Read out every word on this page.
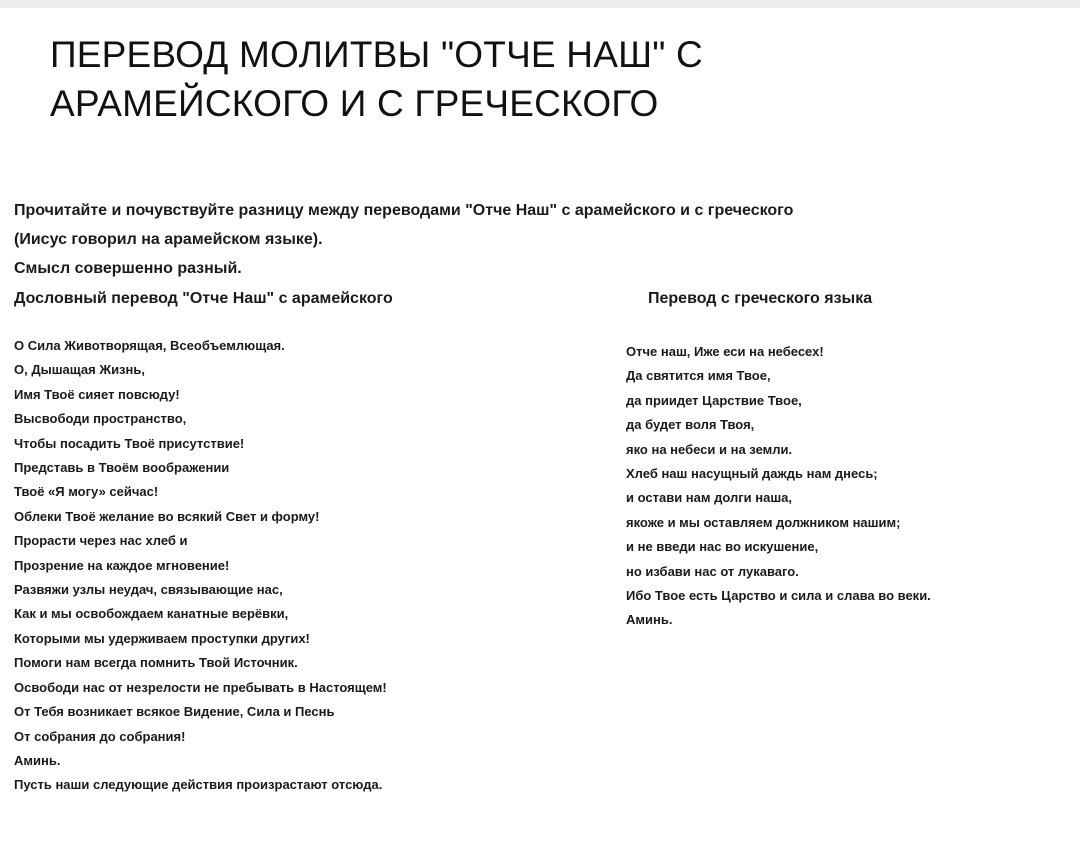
ПЕРЕВОД МОЛИТВЫ "ОТЧЕ НАШ" С
АРАМЕЙСКОГО И С ГРЕЧЕСКОГО
Прочитайте и почувствуйте разницу между переводами "Отче Наш" с арамейского и с греческого
(Иисус говорил на арамейском языке).
Смысл совершенно разный.
Дословный перевод "Отче Наш" с арамейского	Перевод с греческого языка
О Сила Животворящая, Всеобъемлющая.
О, Дышащая Жизнь,
Имя Твоё сияет повсюду!
Высвободи пространство,
Чтобы посадить Твоё присутствие!
Представь в Твоём воображении
Твоё «Я могу» сейчас!
Облеки Твоё желание во всякий Свет и форму!
Прорасти через нас хлеб и
Прозрение на каждое мгновение!
Развяжи узлы неудач, связывающие нас,
Как и мы освобождаем канатные верёвки,
Которыми мы удерживаем проступки других!
Помоги нам всегда помнить Твой Источник.
Освободи нас от незрелости не пребывать в Настоящем!
От Тебя возникает всякое Видение, Сила и Песнь
От собрания до собрания!
Аминь.
Пусть наши следующие действия произрастают отсюда.
Отче наш, Иже еси на небесех!
Да святится имя Твое,
да приидет Царствие Твое,
да будет воля Твоя,
яко на небеси и на земли.
Хлеб наш насущный даждь нам днесь;
и остави нам долги наша,
якоже и мы оставляем должником нашим;
и не введи нас во искушение,
но избави нас от лукаваго.
Ибо Твое есть Царство и сила и слава во веки.
Аминь.
